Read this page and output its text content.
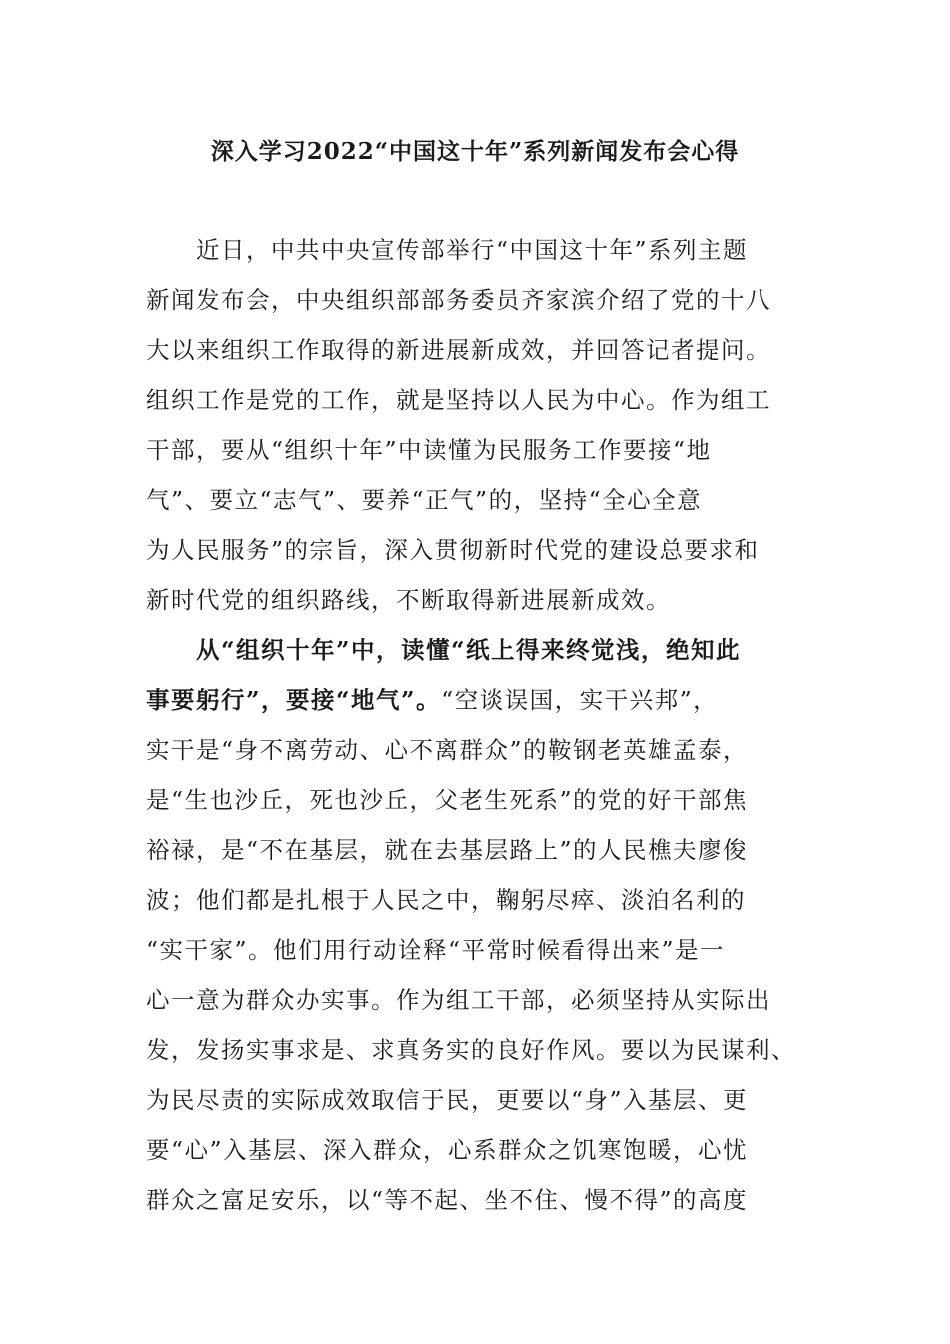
深入学习2022“中国这十年”系列新闻发布会心得
　　近日，中共中央宣传部举行“中国这十年”系列主题
新闻发布会，中央组织部部务委员齐家滨介绍了党的十八
大以来组织工作取得的新进展新成效，并回答记者提问。
组织工作是党的工作，就是坚持以人民为中心。作为组工
干部，要从“组织十年”中读懂为民服务工作要接“地
气”、要立“志气”、要养“正气”的，坚持“全心全意
为人民服务”的宗旨，深入贯彻新时代党的建设总要求和
新时代党的组织路线，不断取得新进展新成效。
　　从“组织十年”中，读懂“纸上得来终觉浅，绝知此
事要躬行”，要接“地气”。“空谈误国，实干兴邦”，
实干是“身不离劳动、心不离群众”的鞍钢老英雄孟泰，
是“生也沙丘，死也沙丘，父老生死系”的党的好干部焦
裕禄，是“不在基层，就在去基层路上”的人民樵夫廖俊
波；他们都是扎根于人民之中，鞠躬尽瘁、淡泊名利的
“实干家”。他们用行动诠释“平常时候看得出来”是一
心一意为群众办实事。作为组工干部，必须坚持从实际出
发，发扬实事求是、求真务实的良好作风。要以为民谋利、
为民尽责的实际成效取信于民，更要以“身”入基层、更
要“心”入基层、深入群众，心系群众之饥寒饱暖，心忧
群众之富足安乐，以“等不起、坐不住、慢不得”的高度
